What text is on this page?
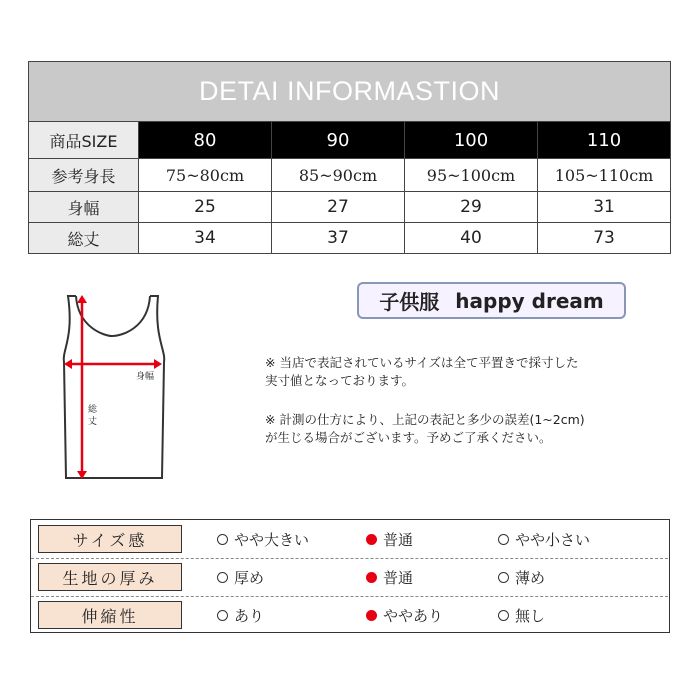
DETAI INFORMASTION				
商品SIZE	80	90	100	110
参考身長	75~80cm	85~90cm	95~100cm	105~110cm
身幅	25	27	29	31
総丈	34	37	40	73
身幅
総
丈
子供服 happy dream
※ 当店で表記されているサイズは全て平置きで採寸した
実寸値となっております。
※ 計測の仕方により、上記の表記と多少の誤差(1~2cm)
が生じる場合がございます。予めご了承ください。
サイズ感	やや大きい	普通	やや小さい
生地の厚み	厚め	普通	薄め
伸縮性	あり	ややあり	無し
